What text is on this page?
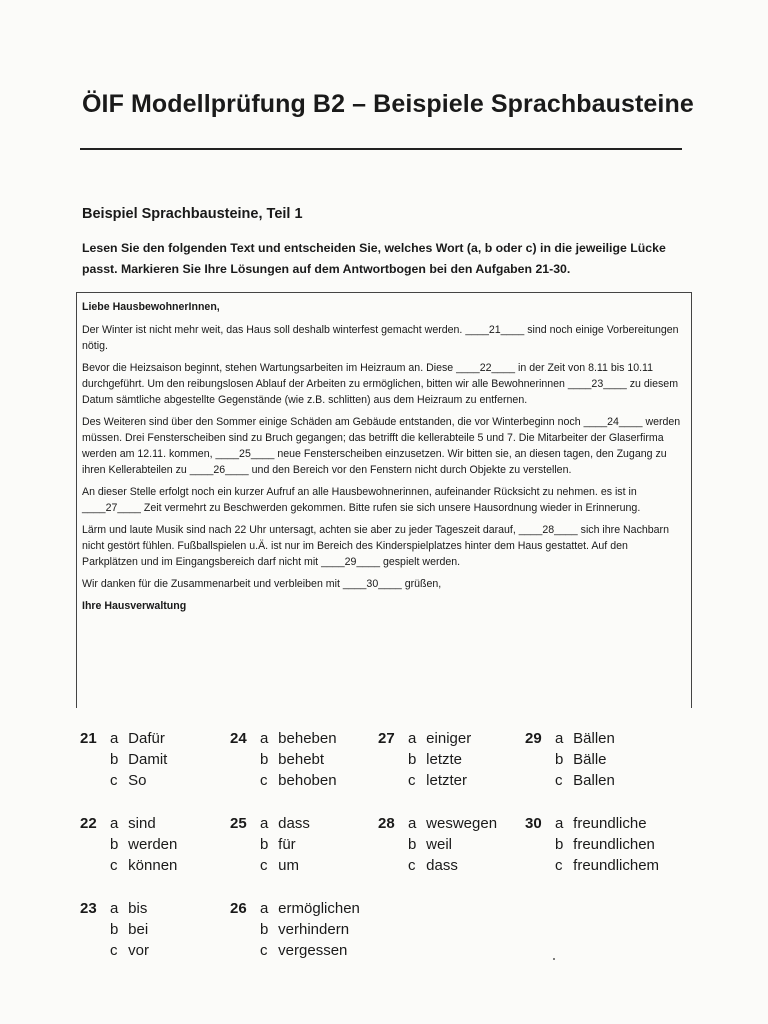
ÖIF Modellprüfung B2 – Beispiele Sprachbausteine
Beispiel Sprachbausteine, Teil 1
Lesen Sie den folgenden Text und entscheiden Sie, welches Wort (a, b oder c) in die jeweilige Lücke passt. Markieren Sie Ihre Lösungen auf dem Antwortbogen bei den Aufgaben 21-30.

Liebe HausbewohnerInnen,

Der Winter ist nicht mehr weit, das Haus soll deshalb winterfest gemacht werden. ____21____ sind noch einige Vorbereitungen nötig.

Bevor die Heizsaison beginnt, stehen Wartungsarbeiten im Heizraum an. Diese ____22____ in der Zeit von 8.11 bis 10.11 durchgeführt. Um den reibungslosen Ablauf der Arbeiten zu ermöglichen, bitten wir alle Bewohnerinnen ____23____ zu diesem Datum sämtliche abgestellte Gegenstände (wie z.B. schlitten) aus dem Heizraum zu entfernen.

Des Weiteren sind über den Sommer einige Schäden am Gebäude entstanden, die vor Winterbeginn noch ____24____ werden müssen. Drei Fensterscheiben sind zu Bruch gegangen; das betrifft die kellerabteile 5 und 7. Die Mitarbeiter der Glaserfirma werden am 12.11. kommen, ____25____ neue Fensterscheiben einzusetzen. Wir bitten sie, an diesen tagen, den Zugang zu ihren Kellerabteilen zu ____26____ und den Bereich vor den Fenstern nicht durch Objekte zu verstellen.

An dieser Stelle erfolgt noch ein kurzer Aufruf an alle Hausbewohnerinnen, aufeinander Rücksicht zu nehmen. es ist in ____27____ Zeit vermehrt zu Beschwerden gekommen. Bitte rufen sie sich unsere Hausordnung wieder in Erinnerung.

Lärm und laute Musik sind nach 22 Uhr untersagt, achten sie aber zu jeder Tageszeit darauf, ____28____ sich ihre Nachbarn nicht gestört fühlen. Fußballspielen u.Ä. ist nur im Bereich des Kinderspielplatzes hinter dem Haus gestattet. Auf den Parkplätzen und im Eingangsbereich darf nicht mit ____29____ gespielt werden.

Wir danken für die Zusammenarbeit und verbleiben mit ____30____ grüßen,

Ihre Hausverwaltung

21 a Dafür
b Damit
c So
22 a sind
b werden
c können
23 a bis
b bei
c vor
24 a beheben
b behebt
c behoben
25 a dass
b für
c um
26 a ermöglichen
b verhindern
c vergessen
27 a einiger
b letzte
c letzter
28 a weswegen
b weil
c dass
29 a Bällen
b Bälle
c Ballen
30 a freundliche
b freundlichen
c freundlichem
